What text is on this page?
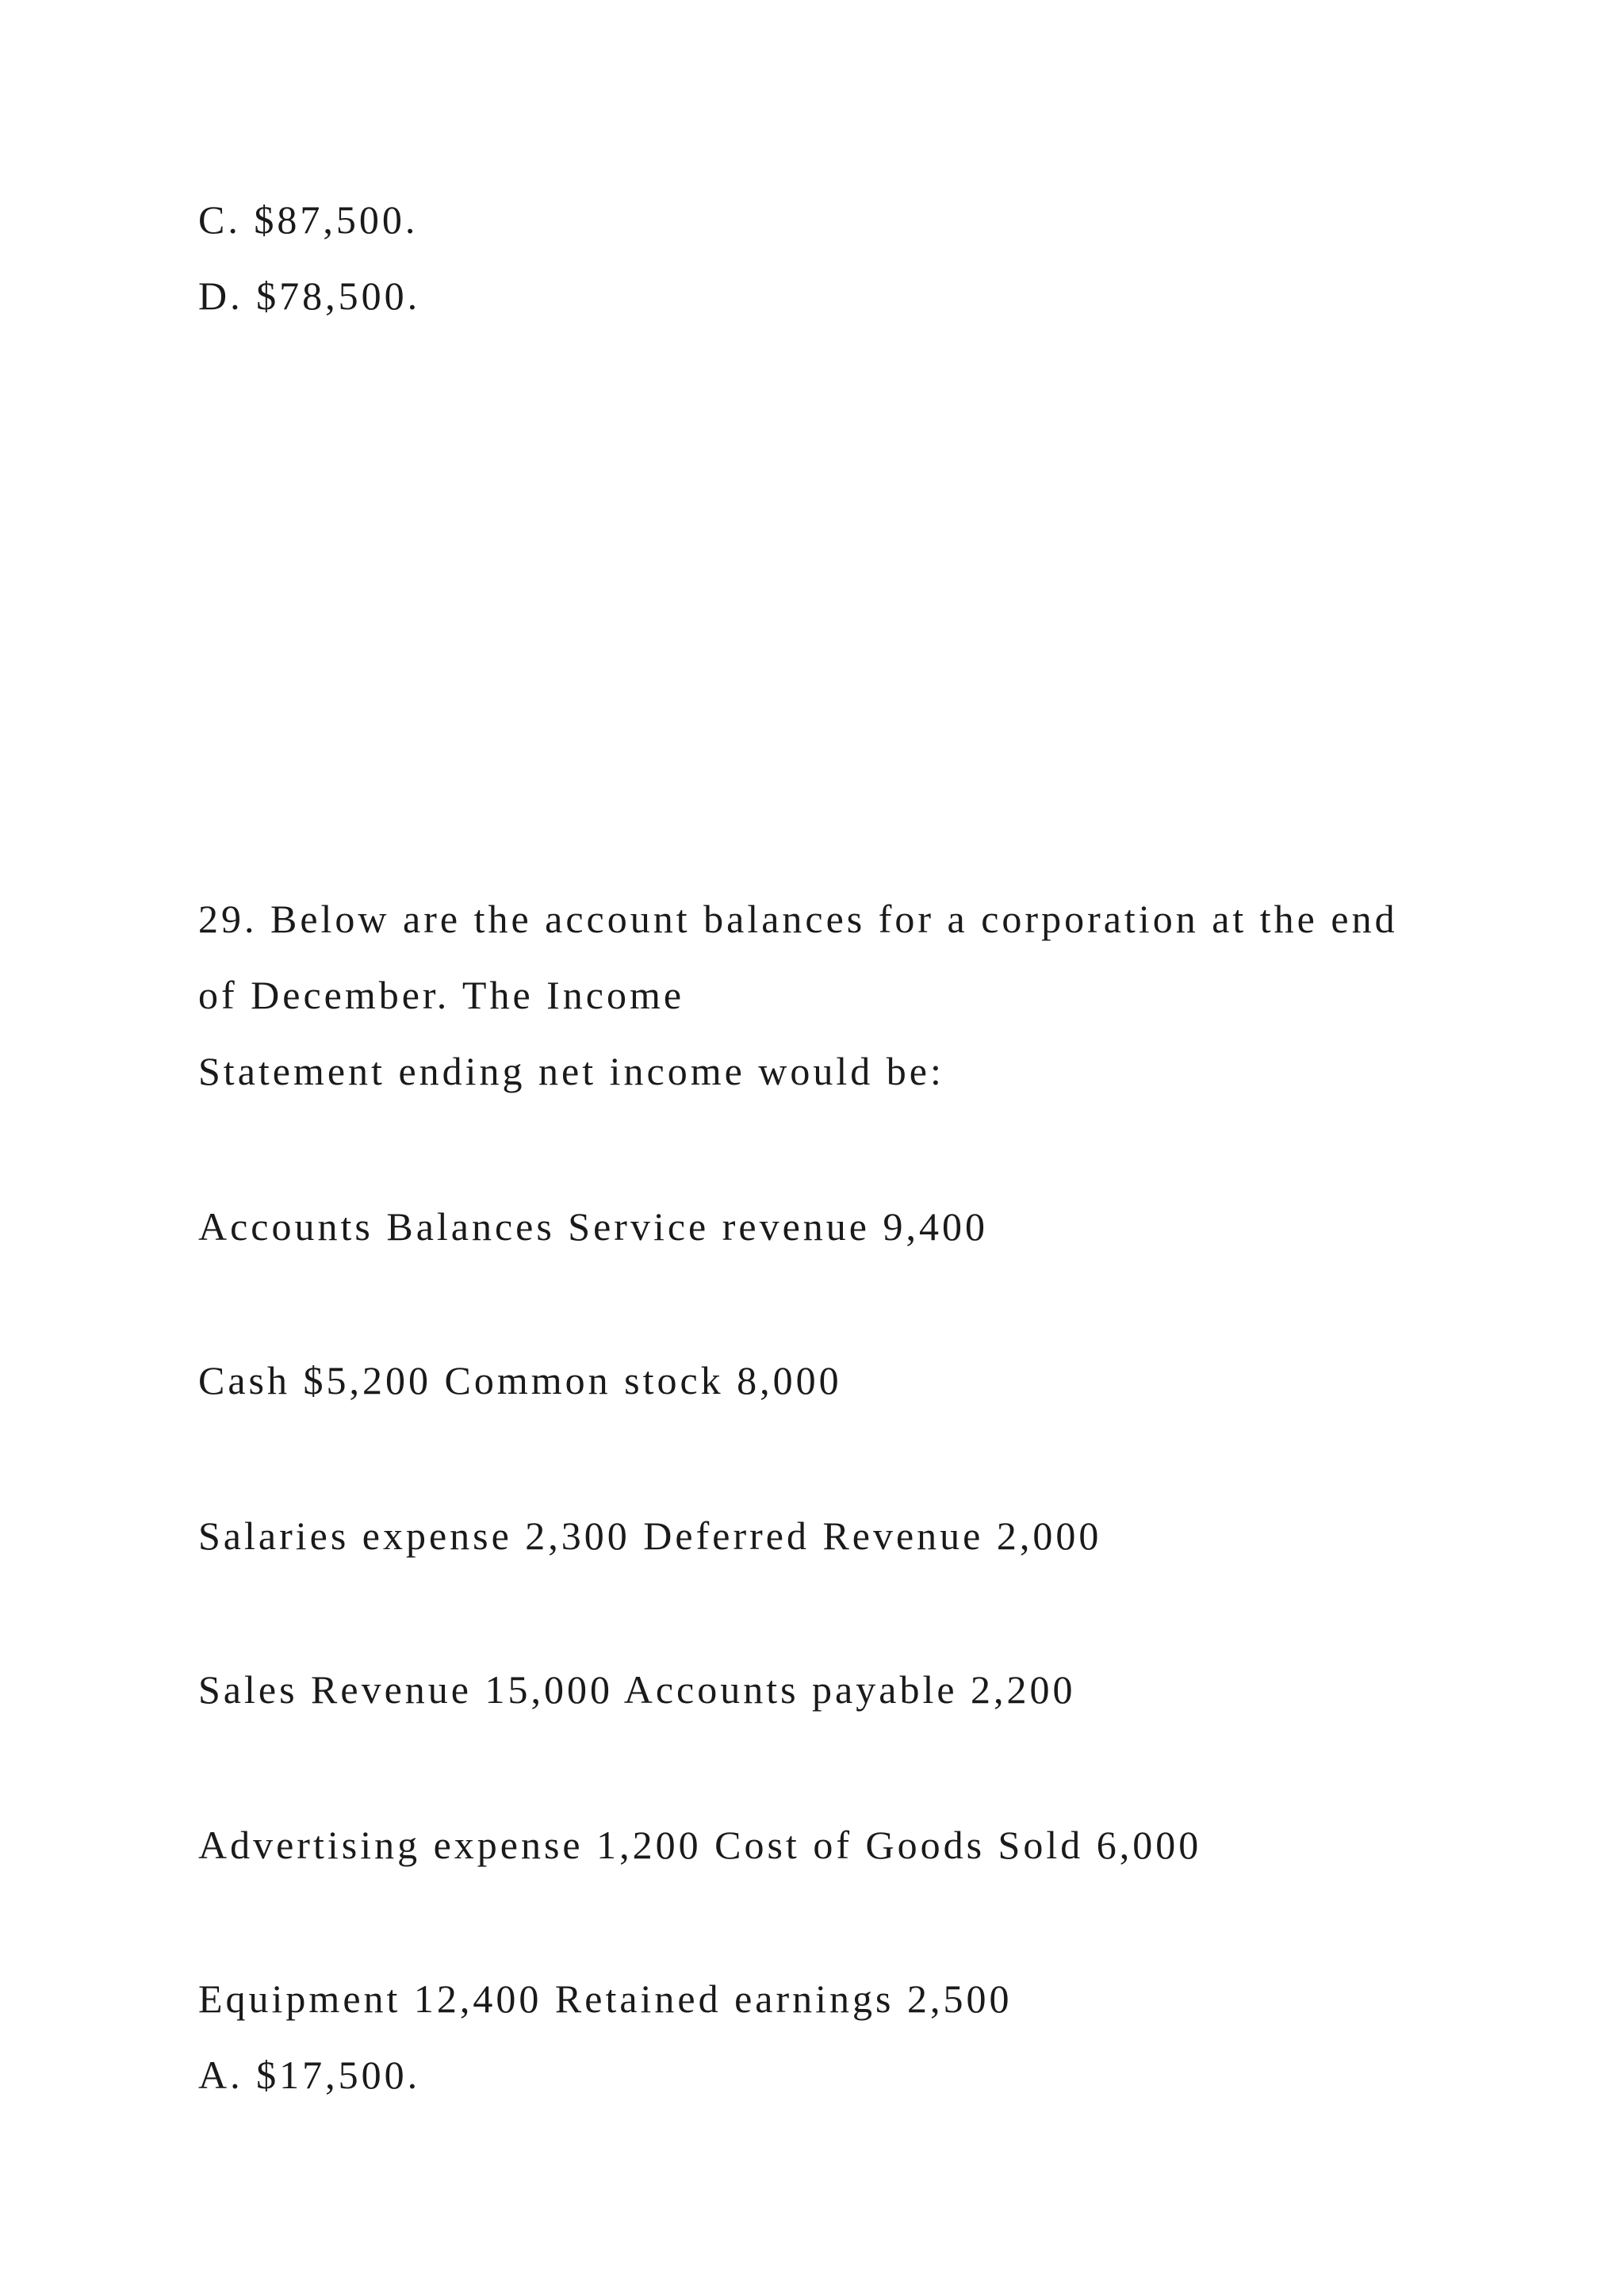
C. $87,500.

D. $78,500.

29. Below are the account balances for a corporation at the end

of December. The Income

Statement ending net income would be:

Accounts Balances Service revenue 9,400

Cash $5,200 Common stock 8,000

Salaries expense 2,300 Deferred Revenue 2,000

Sales Revenue 15,000 Accounts payable 2,200

Advertising expense 1,200 Cost of Goods Sold 6,000

Equipment 12,400 Retained earnings 2,500

A. $17,500.
